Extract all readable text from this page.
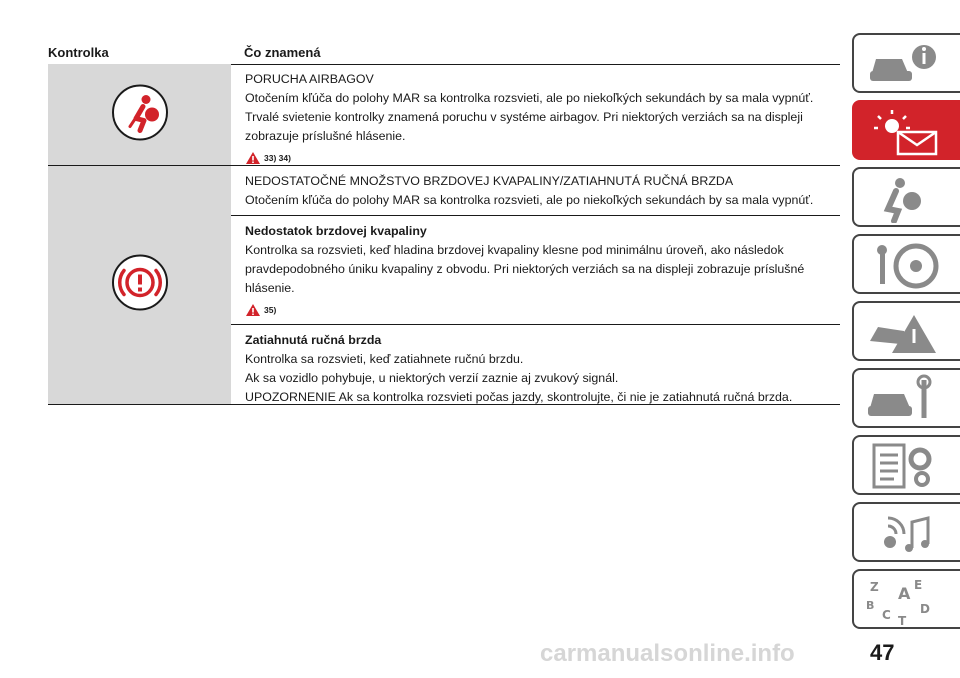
Kontrolka	Čo znamená
PORUCHA AIRBAGOV
Otočením kľúča do polohy MAR sa kontrolka rozsvieti, ale po niekoľkých sekundách by sa mala vypnúť.
Trvalé svietenie kontrolky znamená poruchu v systéme airbagov. Pri niektorých verziách sa na displeji zobrazuje príslušné hlásenie.
33) 34)
NEDOSTATOČNÉ MNOŽSTVO BRZDOVEJ KVAPALINY/ZATIAHNUTÁ RUČNÁ BRZDA
Otočením kľúča do polohy MAR sa kontrolka rozsvieti, ale po niekoľkých sekundách by sa mala vypnúť.
Nedostatok brzdovej kvapaliny
Kontrolka sa rozsvieti, keď hladina brzdovej kvapaliny klesne pod minimálnu úroveň, ako následok pravdepodobného úniku kvapaliny z obvodu. Pri niektorých verziách sa na displeji zobrazuje príslušné hlásenie.
35)
Zatiahnutá ručná brzda
Kontrolka sa rozsvieti, keď zatiahnete ručnú brzdu.
Ak sa vozidlo pohybuje, u niektorých verzií zaznie aj zvukový signál.
UPOZORNENIE Ak sa kontrolka rozsvieti počas jazdy, skontrolujte, či nie je zatiahnutá ručná brzda.
Z	E
A
B
C D
T
carmanualsonline.info	47
